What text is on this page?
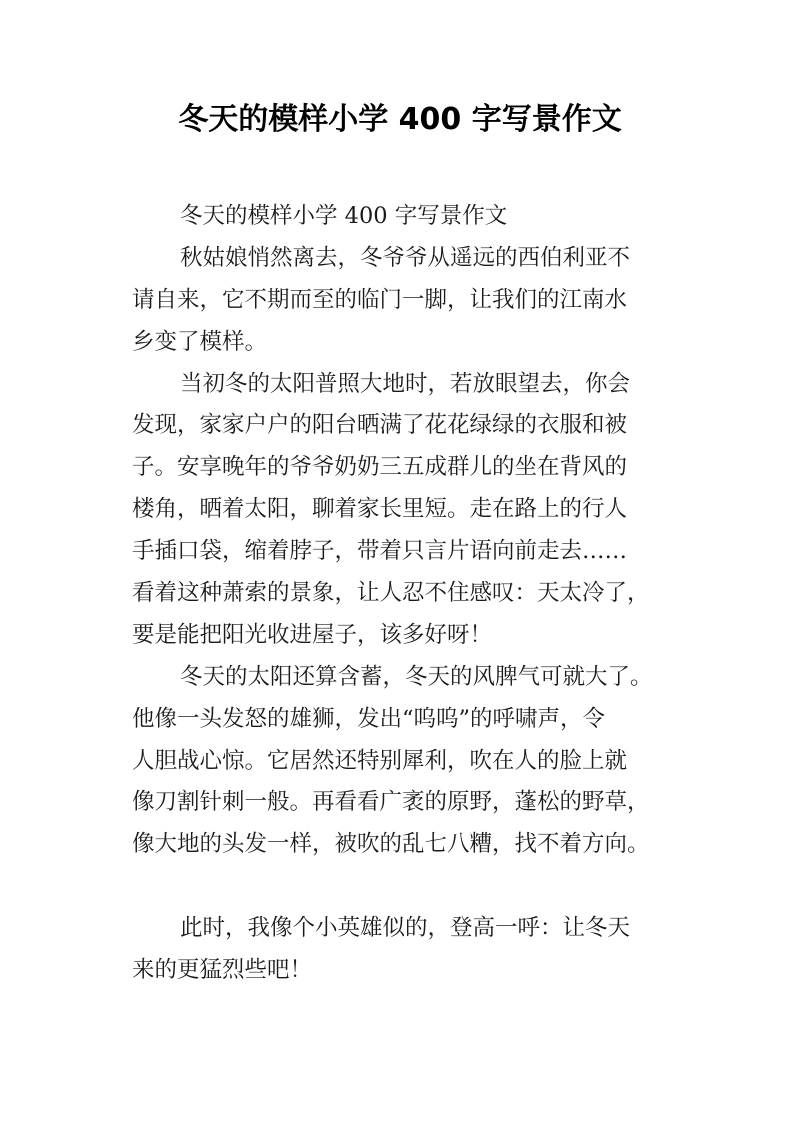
冬天的模样小学 400 字写景作文
冬天的模样小学 400 字写景作文
秋姑娘悄然离去，冬爷爷从遥远的西伯利亚不
请自来，它不期而至的临门一脚，让我们的江南水
乡变了模样。
当初冬的太阳普照大地时，若放眼望去，你会
发现，家家户户的阳台晒满了花花绿绿的衣服和被
子。安享晚年的爷爷奶奶三五成群儿的坐在背风的
楼角，晒着太阳，聊着家长里短。走在路上的行人
手插口袋，缩着脖子，带着只言片语向前走去……
看着这种萧索的景象，让人忍不住感叹：天太冷了，
要是能把阳光收进屋子，该多好呀！
冬天的太阳还算含蓄，冬天的风脾气可就大了。
他像一头发怒的雄狮，发出“呜呜”的呼啸声，令
人胆战心惊。它居然还特别犀利，吹在人的脸上就
像刀割针刺一般。再看看广袤的原野，蓬松的野草，
像大地的头发一样，被吹的乱七八糟，找不着方向。
此时，我像个小英雄似的，登高一呼：让冬天
来的更猛烈些吧！
